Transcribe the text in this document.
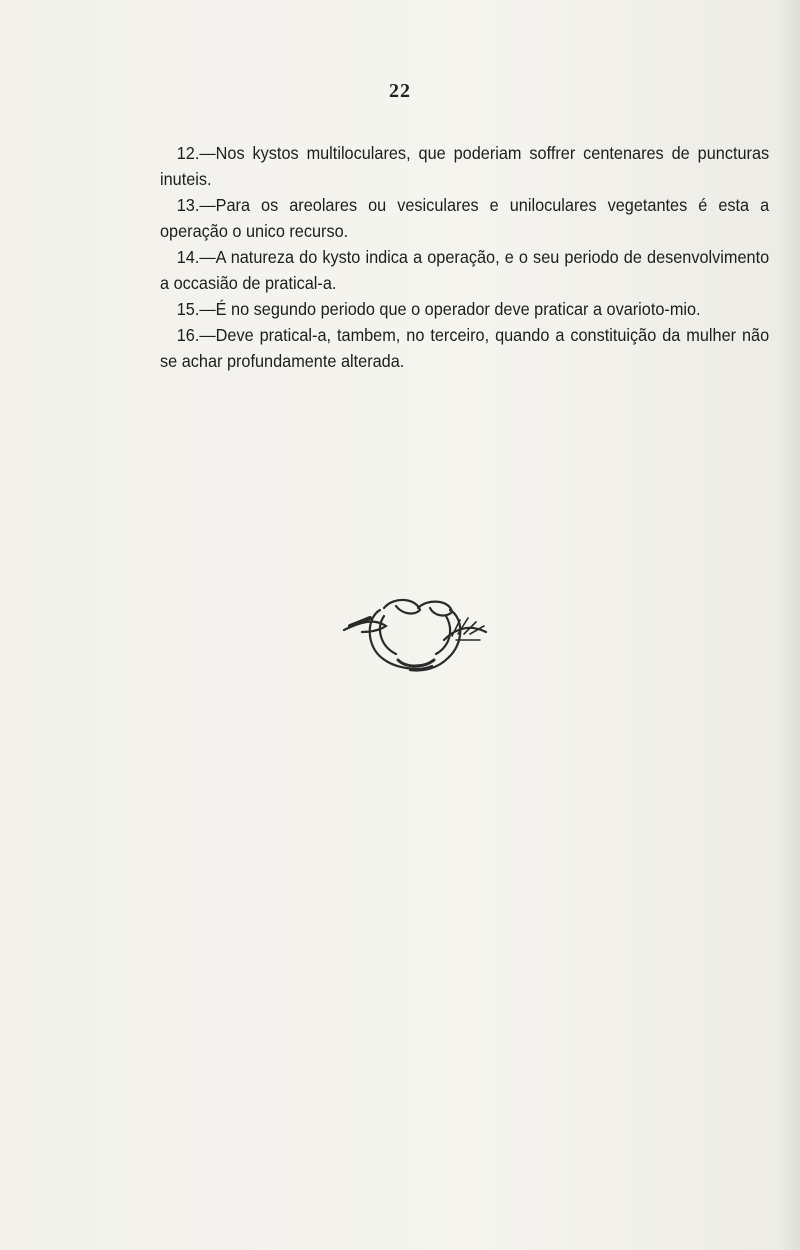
22

12.—Nos kystos multiloculares, que poderiam soffrer centenares de puncturas inuteis.

13.—Para os areolares ou vesiculares e uniloculares vegetantes é esta a operação o unico recurso.

14.—A natureza do kysto indica a operação, e o seu periodo de desenvolvimento a occasião de pratical-a.

15.—É no segundo periodo que o operador deve praticar a ovarioto-mio.

16.—Deve pratical-a, tambem, no terceiro, quando a constituição da mulher não se achar profundamente alterada.
